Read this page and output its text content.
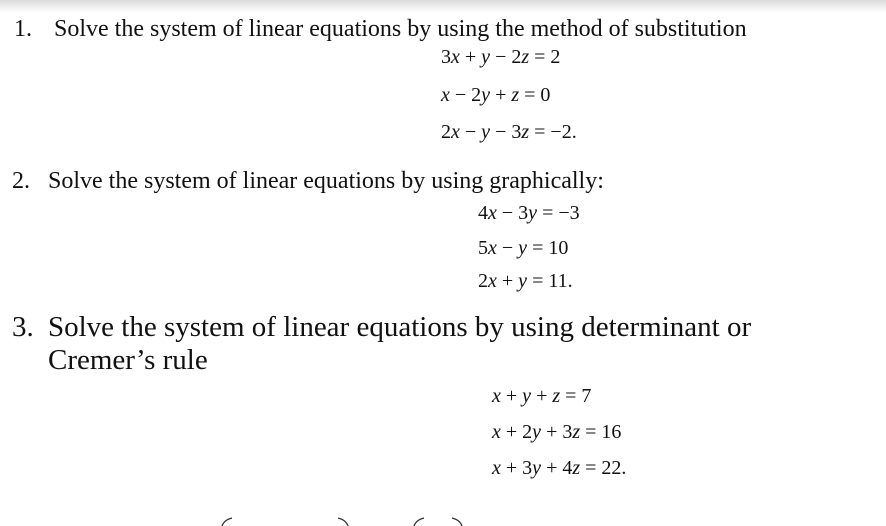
1. Solve the system of linear equations by using the method of substitution
3x + y − 2z = 2
x − 2y + z = 0
2x − y − 3z = −2.
2. Solve the system of linear equations by using graphically:
4x − 3y = −3
5x − y = 10
2x + y = 11.
3. Solve the system of linear equations by using determinant or
Cremer’s rule
x + y + z = 7
x + 2y + 3z = 16
x + 3y + 4z = 22.
